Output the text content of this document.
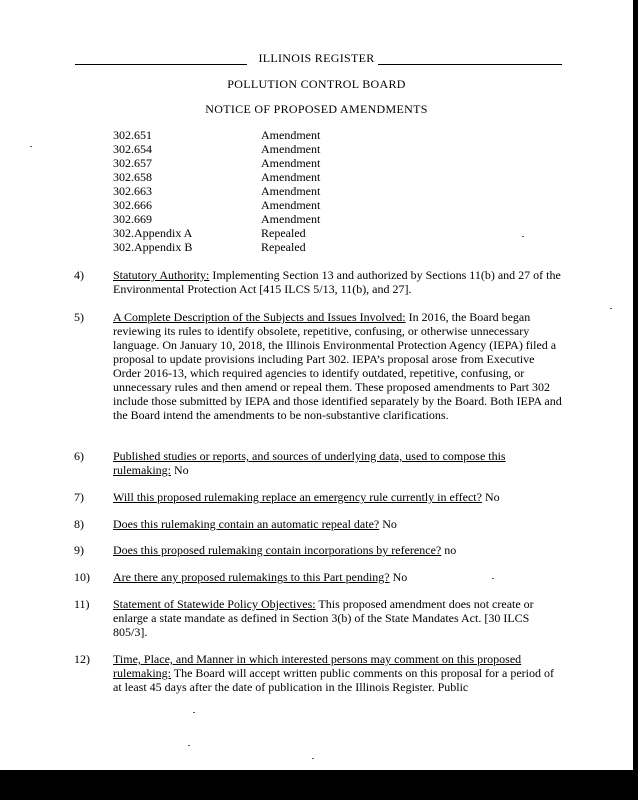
ILLINOIS REGISTER
POLLUTION CONTROL BOARD
NOTICE OF PROPOSED AMENDMENTS
302.651	Amendment
302.654	Amendment
302.657	Amendment
302.658	Amendment
302.663	Amendment
302.666	Amendment
302.669	Amendment
302.Appendix A	Repealed
302.Appendix B	Repealed
4) Statutory Authority: Implementing Section 13 and authorized by Sections 11(b) and 27 of the Environmental Protection Act [415 ILCS 5/13, 11(b), and 27].
5) A Complete Description of the Subjects and Issues Involved: In 2016, the Board began reviewing its rules to identify obsolete, repetitive, confusing, or otherwise unnecessary language. On January 10, 2018, the Illinois Environmental Protection Agency (IEPA) filed a proposal to update provisions including Part 302. IEPA’s proposal arose from Executive Order 2016-13, which required agencies to identify outdated, repetitive, confusing, or unnecessary rules and then amend or repeal them. These proposed amendments to Part 302 include those submitted by IEPA and those identified separately by the Board. Both IEPA and the Board intend the amendments to be non-substantive clarifications.
6) Published studies or reports, and sources of underlying data, used to compose this rulemaking: No
7) Will this proposed rulemaking replace an emergency rule currently in effect? No
8) Does this rulemaking contain an automatic repeal date? No
9) Does this proposed rulemaking contain incorporations by reference? no
10) Are there any proposed rulemakings to this Part pending? No
11) Statement of Statewide Policy Objectives: This proposed amendment does not create or enlarge a state mandate as defined in Section 3(b) of the State Mandates Act. [30 ILCS 805/3].
12) Time, Place, and Manner in which interested persons may comment on this proposed rulemaking: The Board will accept written public comments on this proposal for a period of at least 45 days after the date of publication in the Illinois Register. Public
